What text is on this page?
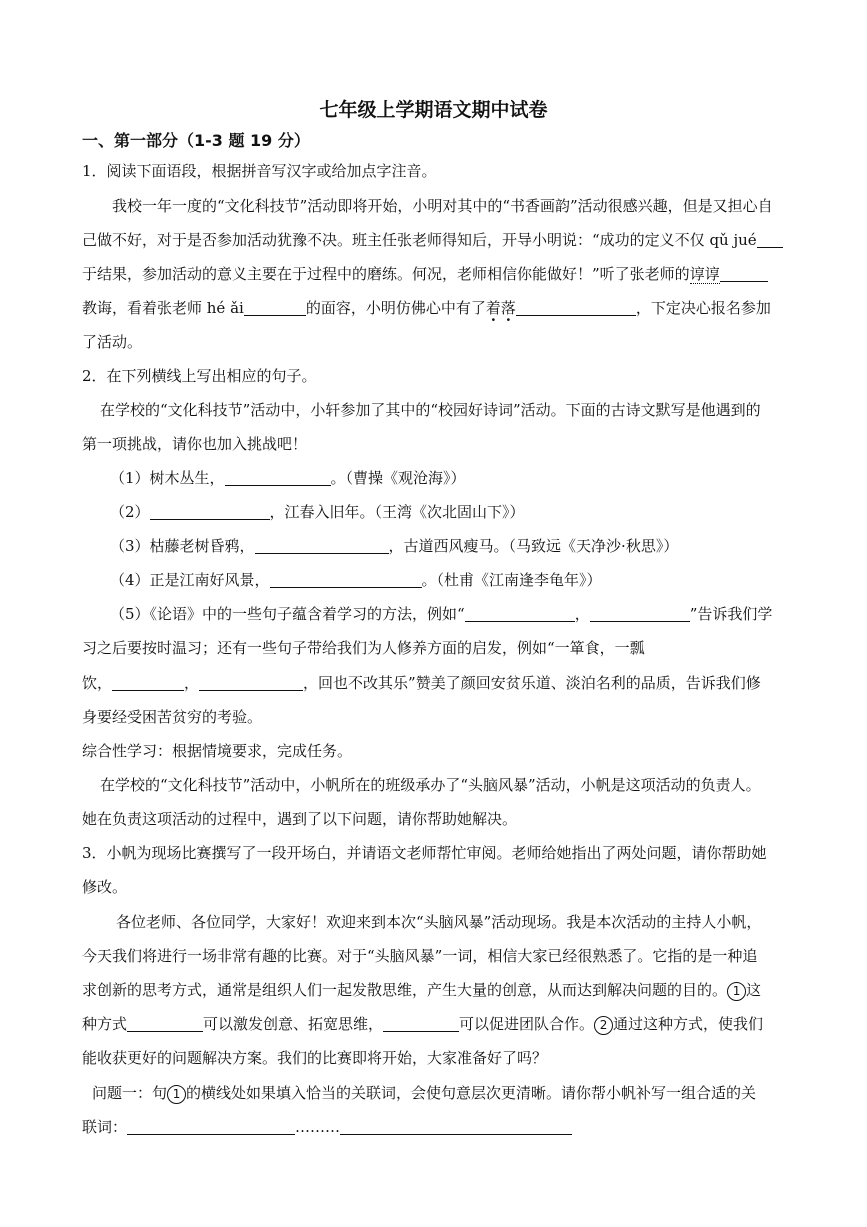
七年级上学期语文期中试卷
一、第一部分（1-3 题 19 分）
1．阅读下面语段，根据拼音写汉字或给加点字注音。
我校一年一度的“文化科技节”活动即将开始，小明对其中的“书香画韵”活动很感兴趣，但是又担心自
己做不好，对于是否参加活动犹豫不决。班主任张老师得知后，开导小明说：“成功的定义不仅 qǔ jué
于结果，参加活动的意义主要在于过程中的磨练。何况，老师相信你能做好！”听了张老师的谆谆
教诲，看着张老师 hé ǎi	的面容，小明仿佛心中有了着落	，下定决心报名参加
了活动。
2．在下列横线上写出相应的句子。
在学校的“文化科技节”活动中，小轩参加了其中的“校园好诗词”活动。下面的古诗文默写是他遇到的
第一项挑战，请你也加入挑战吧！
（1）树木丛生，	。（曹操《观沧海》）
（2）	，江春入旧年。（王湾《次北固山下》）
（3）枯藤老树昏鸦，	，古道西风瘦马。（马致远《天净沙·秋思》）
（4）正是江南好风景，	。（杜甫《江南逢李龟年》）
（5）《论语》中的一些句子蕴含着学习的方法，例如“	，	”告诉我们学
习之后要按时温习；还有一些句子带给我们为人修养方面的启发，例如“一箪食，一瓢
饮，	，	，回也不改其乐”赞美了颜回安贫乐道、淡泊名利的品质，告诉我们修
身要经受困苦贫穷的考验。
综合性学习：根据情境要求，完成任务。
在学校的“文化科技节”活动中，小帆所在的班级承办了“头脑风暴”活动，小帆是这项活动的负责人。
她在负责这项活动的过程中，遇到了以下问题，请你帮助她解决。
3．小帆为现场比赛撰写了一段开场白，并请语文老师帮忙审阅。老师给她指出了两处问题，请你帮助她
修改。
各位老师、各位同学，大家好！欢迎来到本次“头脑风暴”活动现场。我是本次活动的主持人小帆，
今天我们将进行一场非常有趣的比赛。对于“头脑风暴”一词，相信大家已经很熟悉了。它指的是一种追
求创新的思考方式，通常是组织人们一起发散思维，产生大量的创意，从而达到解决问题的目的。 1 这
种方式	可以激发创意、拓宽思维，	可以促进团队合作。 2 通过这种方式，使我们
能收获更好的问题解决方案。我们的比赛即将开始，大家准备好了吗？
问题一：句 1 的横线处如果填入恰当的关联词，会使句意层次更清晰。请你帮小帆补写一组合适的关
联词：	………
